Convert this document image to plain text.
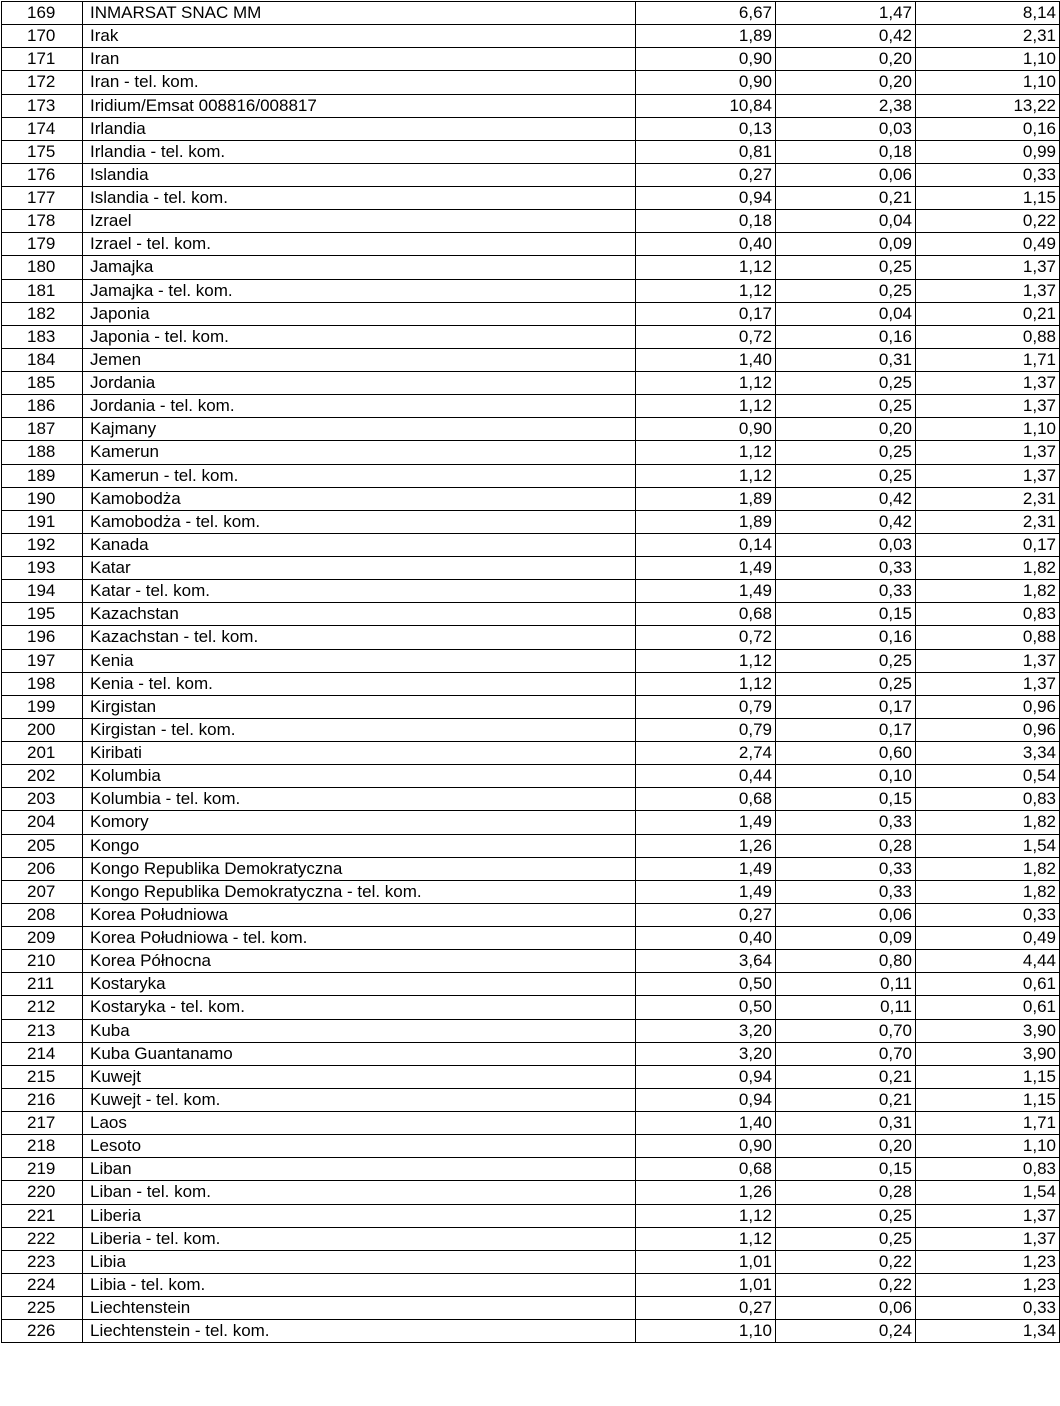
169	INMARSAT SNAC MM	6,67	1,47	8,14
170	Irak	1,89	0,42	2,31
171	Iran	0,90	0,20	1,10
172	Iran - tel. kom.	0,90	0,20	1,10
173	Iridium/Emsat 008816/008817	10,84	2,38	13,22
174	Irlandia	0,13	0,03	0,16
175	Irlandia - tel. kom.	0,81	0,18	0,99
176	Islandia	0,27	0,06	0,33
177	Islandia - tel. kom.	0,94	0,21	1,15
178	Izrael	0,18	0,04	0,22
179	Izrael - tel. kom.	0,40	0,09	0,49
180	Jamajka	1,12	0,25	1,37
181	Jamajka - tel. kom.	1,12	0,25	1,37
182	Japonia	0,17	0,04	0,21
183	Japonia - tel. kom.	0,72	0,16	0,88
184	Jemen	1,40	0,31	1,71
185	Jordania	1,12	0,25	1,37
186	Jordania - tel. kom.	1,12	0,25	1,37
187	Kajmany	0,90	0,20	1,10
188	Kamerun	1,12	0,25	1,37
189	Kamerun - tel. kom.	1,12	0,25	1,37
190	Kamobodża	1,89	0,42	2,31
191	Kamobodża - tel. kom.	1,89	0,42	2,31
192	Kanada	0,14	0,03	0,17
193	Katar	1,49	0,33	1,82
194	Katar - tel. kom.	1,49	0,33	1,82
195	Kazachstan	0,68	0,15	0,83
196	Kazachstan - tel. kom.	0,72	0,16	0,88
197	Kenia	1,12	0,25	1,37
198	Kenia - tel. kom.	1,12	0,25	1,37
199	Kirgistan	0,79	0,17	0,96
200	Kirgistan - tel. kom.	0,79	0,17	0,96
201	Kiribati	2,74	0,60	3,34
202	Kolumbia	0,44	0,10	0,54
203	Kolumbia - tel. kom.	0,68	0,15	0,83
204	Komory	1,49	0,33	1,82
205	Kongo	1,26	0,28	1,54
206	Kongo Republika Demokratyczna	1,49	0,33	1,82
207	Kongo Republika Demokratyczna - tel. kom.	1,49	0,33	1,82
208	Korea Południowa	0,27	0,06	0,33
209	Korea Południowa - tel. kom.	0,40	0,09	0,49
210	Korea Północna	3,64	0,80	4,44
211	Kostaryka	0,50	0,11	0,61
212	Kostaryka - tel. kom.	0,50	0,11	0,61
213	Kuba	3,20	0,70	3,90
214	Kuba Guantanamo	3,20	0,70	3,90
215	Kuwejt	0,94	0,21	1,15
216	Kuwejt - tel. kom.	0,94	0,21	1,15
217	Laos	1,40	0,31	1,71
218	Lesoto	0,90	0,20	1,10
219	Liban	0,68	0,15	0,83
220	Liban - tel. kom.	1,26	0,28	1,54
221	Liberia	1,12	0,25	1,37
222	Liberia - tel. kom.	1,12	0,25	1,37
223	Libia	1,01	0,22	1,23
224	Libia - tel. kom.	1,01	0,22	1,23
225	Liechtenstein	0,27	0,06	0,33
226	Liechtenstein - tel. kom.	1,10	0,24	1,34
